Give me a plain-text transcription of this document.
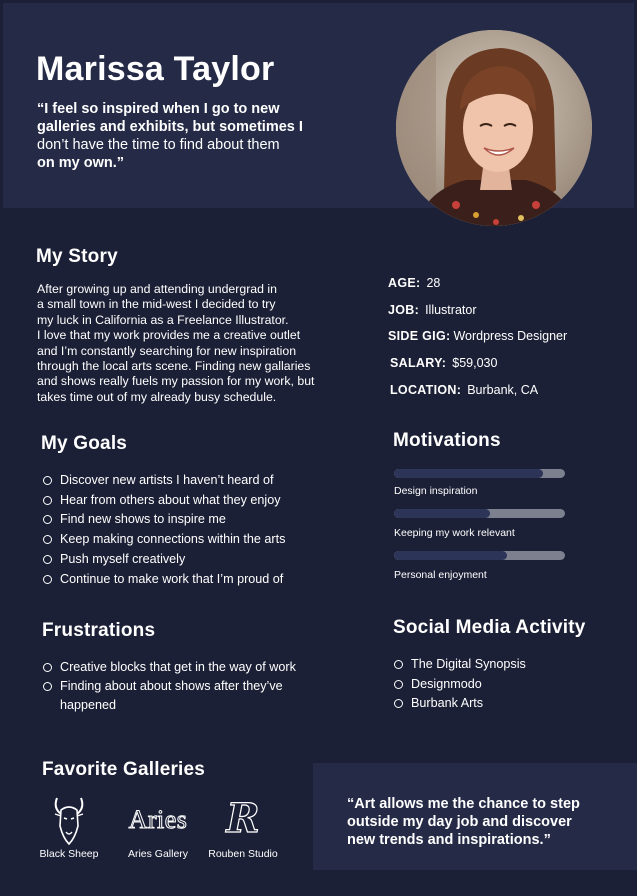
Marissa Taylor
“I feel so inspired when I go to new
galleries and exhibits, but sometimes I
don’t have the time to find about them
on my own.”
My Story
After growing up and attending undergrad in
a small town in the mid-west I decided to try
my luck in California as a Freelance Illustrator.
I love that my work provides me a creative outlet
and I’m constantly searching for new inspiration
through the local arts scene. Finding new gallaries
and shows really fuels my passion for my work, but
takes time out of my already busy schedule.
AGE: 28
JOB: Illustrator
SIDE GIG: Wordpress Designer
SALARY: $59,030
LOCATION: Burbank, CA
My Goals
Discover new artists I haven’t heard of
Hear from others about what they enjoy
Find new shows to inspire me
Keep making connections within the arts
Push myself creatively
Continue to make work that I’m proud of
Motivations
Design inspiration
Keeping my work relevant
Personal enjoyment
Frustrations
Creative blocks that get in the way of work
Finding about about shows after they’ve
happened
Social Media Activity
The Digital Synopsis
Designmodo
Burbank Arts
Favorite Galleries
Black Sheep
Aries
Aries Gallery
R
Rouben Studio

“Art allows me the chance to step
outside my day job and discover
new trends and inspirations.”
